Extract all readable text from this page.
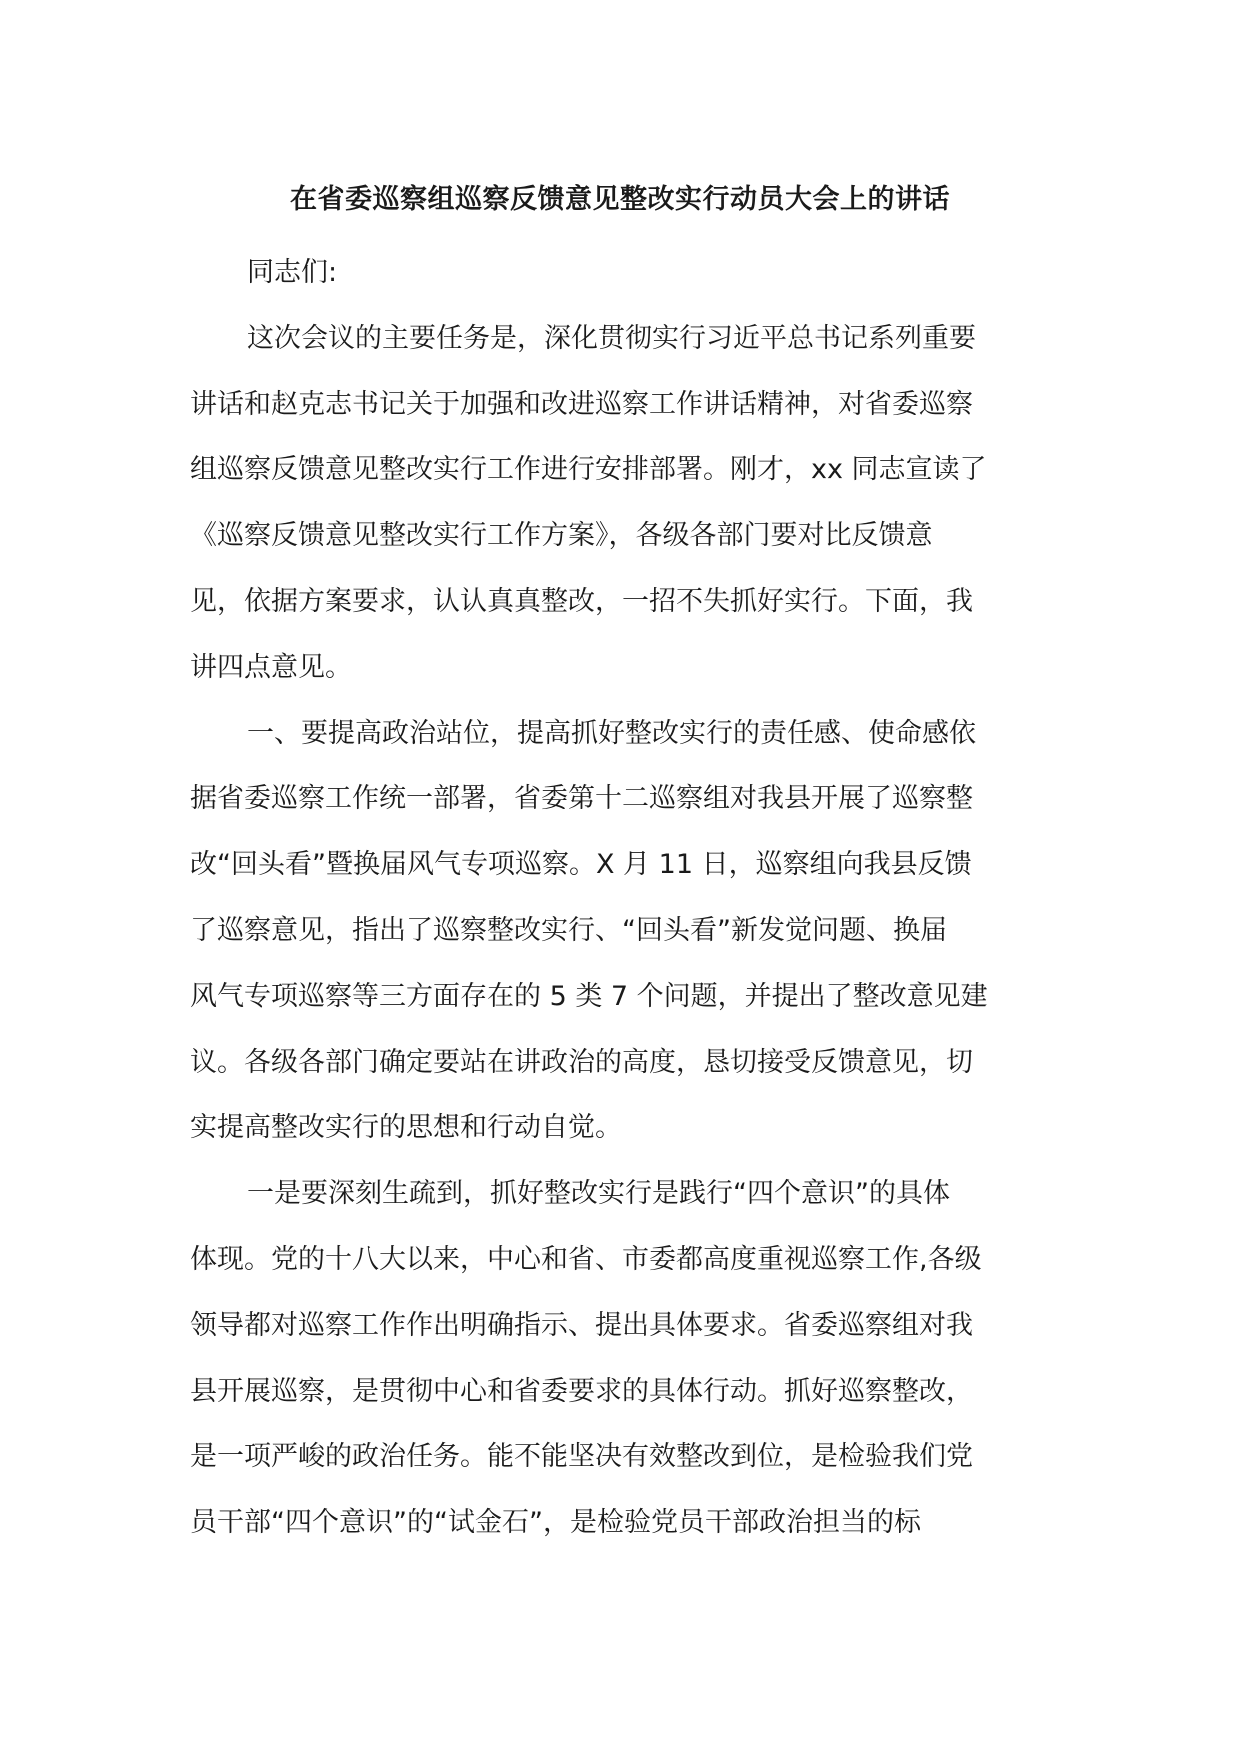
在省委巡察组巡察反馈意见整改实行动员大会上的讲话

同志们:

这次会议的主要任务是，深化贯彻实行习近平总书记系列重要

讲话和赵克志书记关于加强和改进巡察工作讲话精神，对省委巡察

组巡察反馈意见整改实行工作进行安排部署。刚才，xx 同志宣读了

《巡察反馈意见整改实行工作方案》，各级各部门要对比反馈意

见，依据方案要求，认认真真整改，一招不失抓好实行。下面，我

讲四点意见。

一、要提高政治站位，提高抓好整改实行的责任感、使命感依

据省委巡察工作统一部署，省委第十二巡察组对我县开展了巡察整

改“回头看”暨换届风气专项巡察。X 月 11 日，巡察组向我县反馈

了巡察意见，指出了巡察整改实行、“回头看”新发觉问题、换届

风气专项巡察等三方面存在的 5 类 7 个问题，并提出了整改意见建

议。各级各部门确定要站在讲政治的高度，恳切接受反馈意见，切

实提高整改实行的思想和行动自觉。

一是要深刻生疏到，抓好整改实行是践行“四个意识”的具体

体现。党的十八大以来，中心和省、市委都高度重视巡察工作,各级

领导都对巡察工作作出明确指示、提出具体要求。省委巡察组对我

县开展巡察，是贯彻中心和省委要求的具体行动。抓好巡察整改，

是一项严峻的政治任务。能不能坚决有效整改到位，是检验我们党

员干部“四个意识”的“试金石”，是检验党员干部政治担当的标
